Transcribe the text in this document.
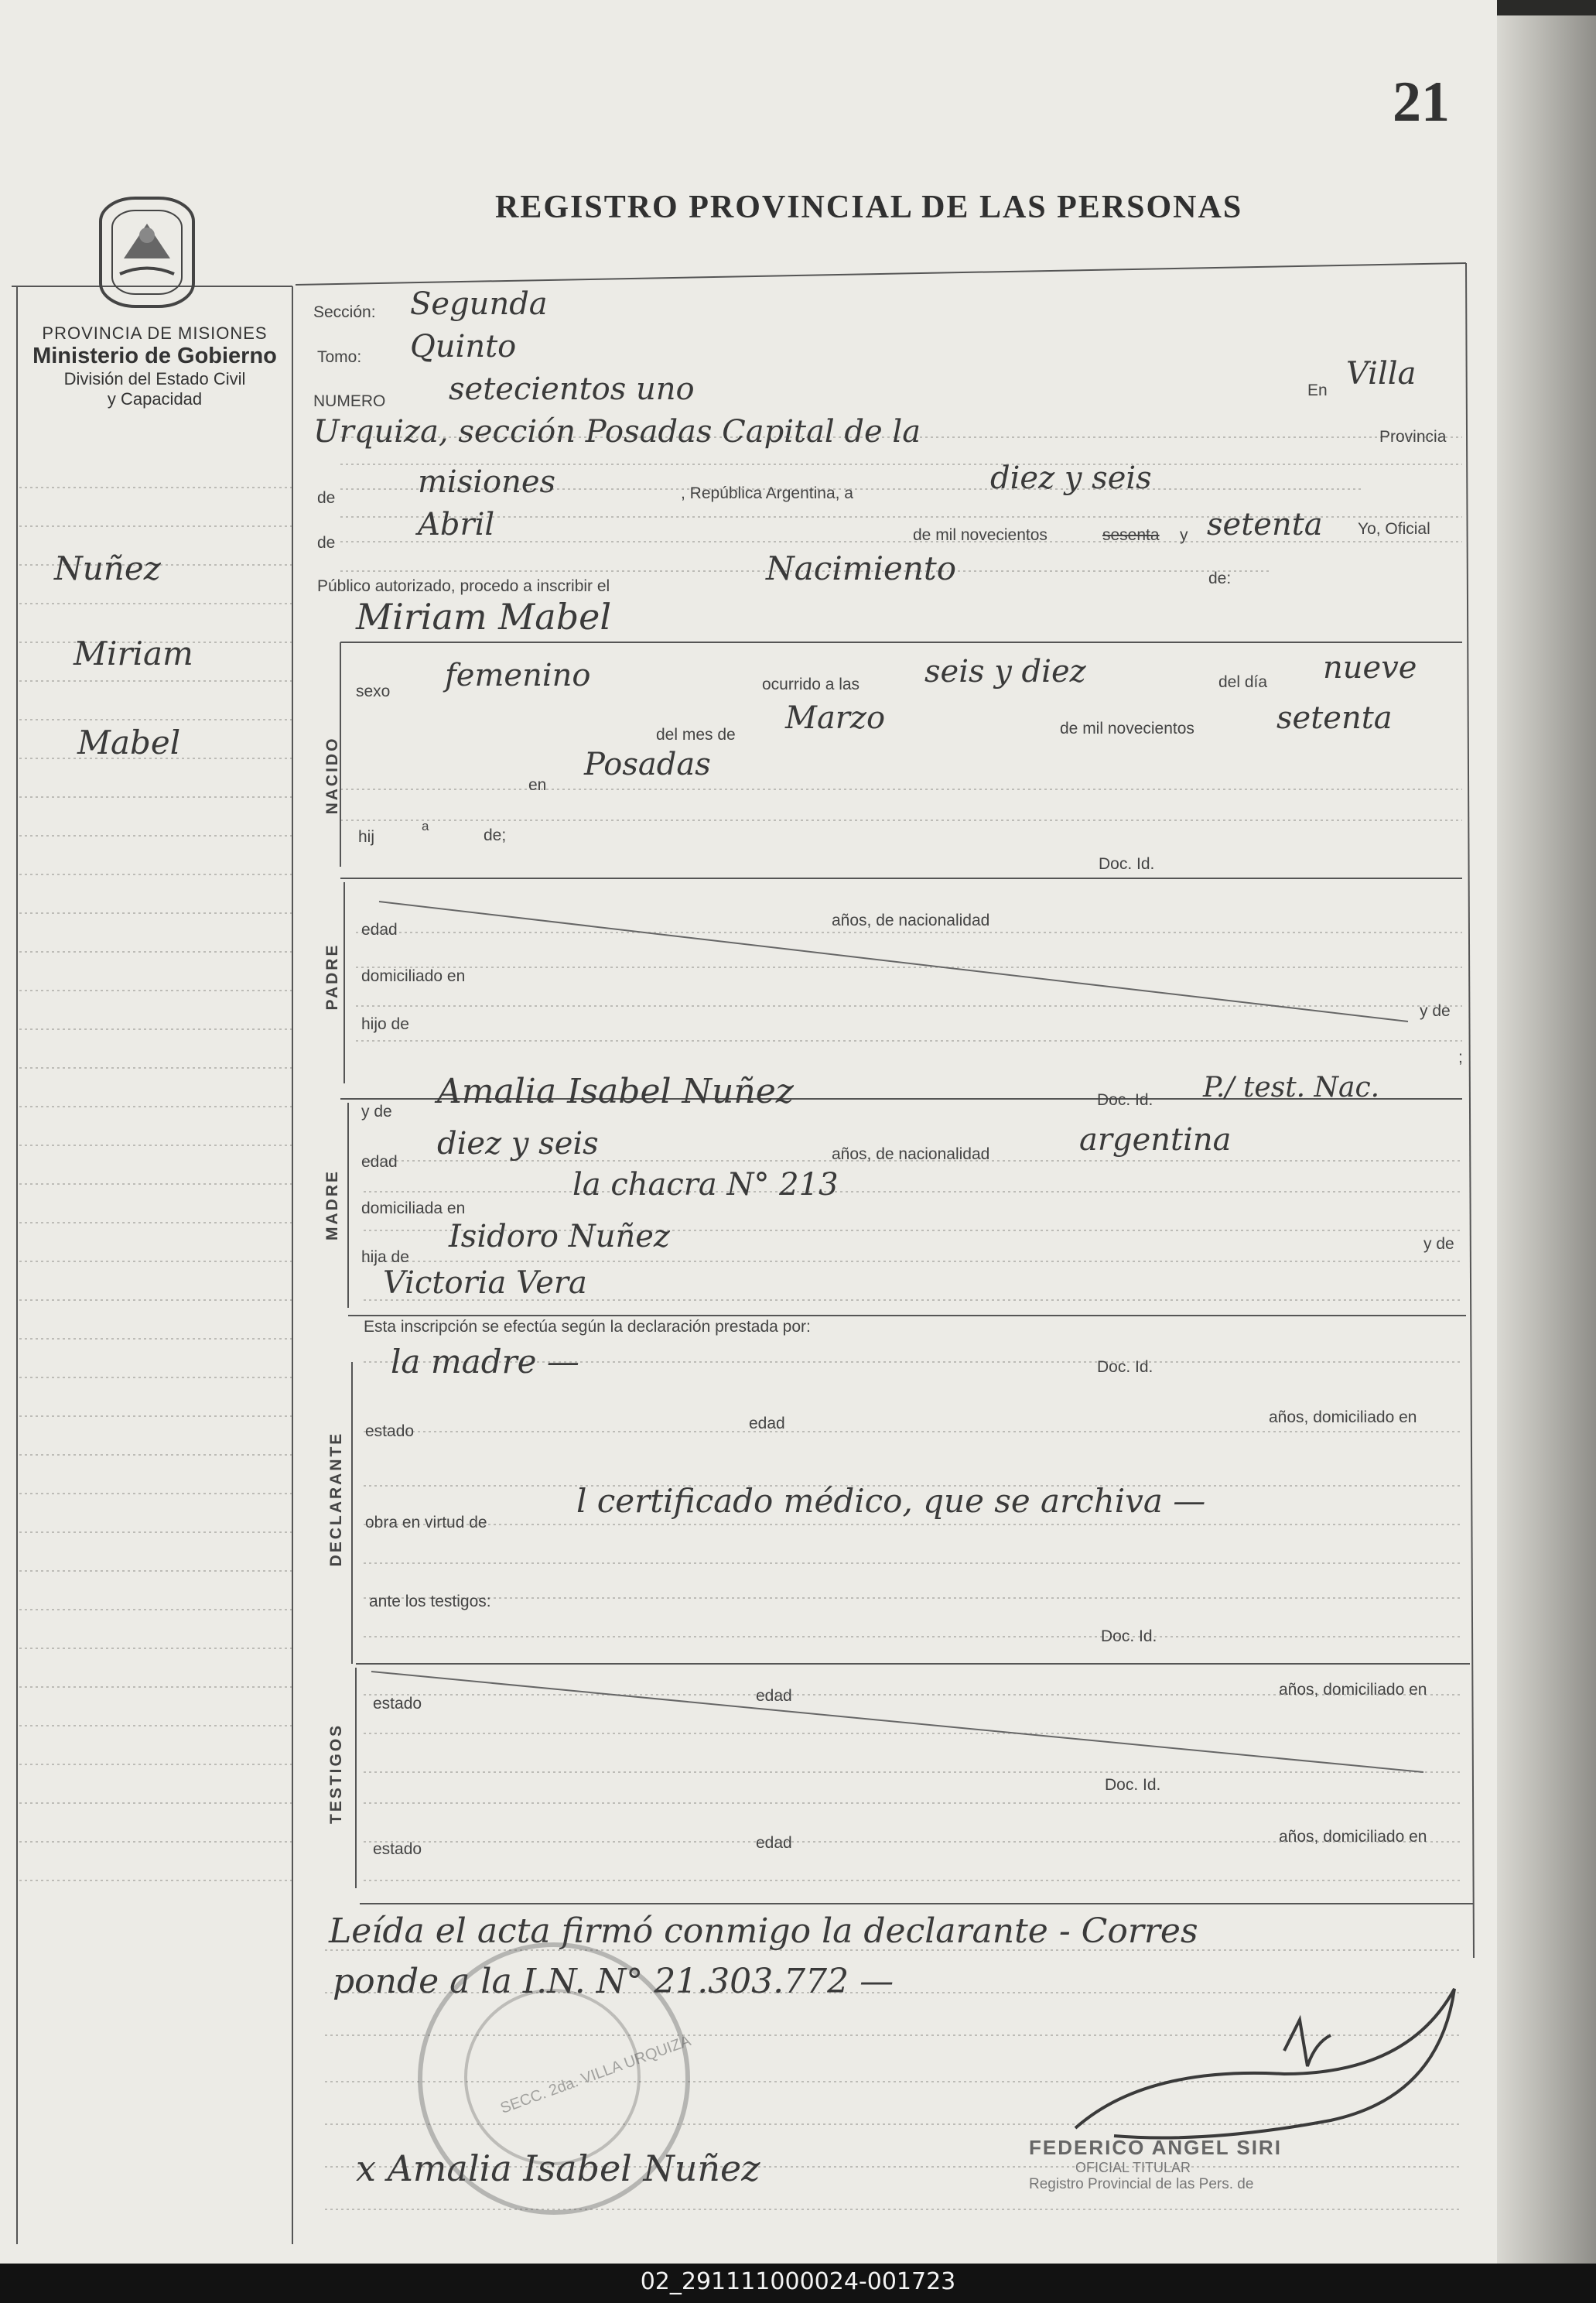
21
REGISTRO PROVINCIAL DE LAS PERSONAS
PROVINCIA DE MISIONES
Ministerio de Gobierno
División del Estado Civil
y Capacidad
Nuñez
Miriam
Mabel
Sección: Segunda
Tomo: Quinto
NUMERO setecientos uno	En Villa
Urquiza, sección Posadas Capital de la	Provincia
de	misiones	, República Argentina, a	diez y seis
de
Abril	de mil novecientos	sesenta y setenta Yo, Oficial
Público autorizado, procedo a inscribir el	Nacimiento	de:
Miriam Mabel
NACIDO
sexo femenino	ocurrido a las seis y diez	del día nueve
del mes de Marzo	de mil novecientos	setenta
en
Posadas
hij
a
de;
Doc. Id.
PADRE
edad
años, de nacionalidad
domiciliado en
hijo de
y de
;
y de
Amalia Isabel Nuñez	Doc. Id. P./ test. Nac.
MADRE
edad
diez y seis	años, de nacionalidad	argentina
domiciliada en
la chacra N° 213
hija de
Isidoro Nuñez	y de
Victoria Vera
Esta inscripción se efectúa según la declaración prestada por:
la madre —	Doc. Id.
DECLARANTE
estado	edad	años, domiciliado en
obra en virtud de
l certificado médico, que se archiva —
ante los testigos:
Doc. Id.
TESTIGOS
estado	edad	años, domiciliado en
Doc. Id.
estado	edad	años, domiciliado en
Leída el acta firmó conmigo la declarante - Corres
ponde a la I.N. N° 21.303.772 —
SECC. 2da. VILLA URQUIZA
x Amalia Isabel Nuñez	FEDERICO ANGEL SIRI
OFICIAL TITULAR
Registro Provincial de las Pers. de
02_291111000024-001723
